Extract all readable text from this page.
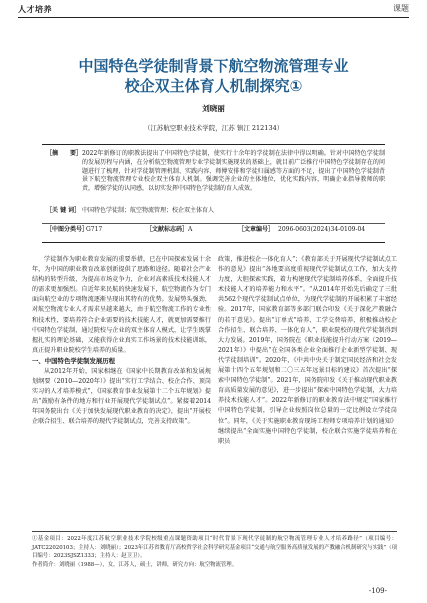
人才培养	课题
中国特色学徒制背景下航空物流管理专业
校企双主体育人机制探究①
刘晓丽
（江苏航空职业技术学院，江苏 镇江 212134）
［摘　　要］ 2022年新修订的职教法提出了中国特色学徒制，使实行十余年的学徒制在法律中得以明确。针对中国特色学徒制的发展历程与内涵，在分析航空物流管理专业学徒制实施现状的基础上，就目前广泛推行中国特色学徒制存在的问题进行了梳理，针对学徒制管理机制、实践内容、师傅安排和学徒归属感等方面的不足，提出了中国特色学徒制背景下航空物流管理专业校企双主体育人机制。强调完善企业的主体地位，优化实践内容，明确企业指导教师的职责，增强学徒的认同感，以切实发挥中国特色学徒制的育人成效。
［关 键 词］ 中国特色学徒制；航空物流管理；校企双主体育人
［中图分类号］
G717	［文献标志码］ A	［文章编号］ 2096-0603(2024)34-0109-04

学徒制作为职业教育发展的重要举措，已在中国探索发展十余年，为中国的职业教育改革创新提供了思路和途径。随着社会产业结构的转型升级，为提高市场竞争力，企业对高素质技术技能人才的需求更加强烈。自近年来民航的快速发展下，航空物流作为专门面向航空业的专项物流逐渐呈现出其特有的优势。发展势头强劲，对航空物流专业人才需求呈越来越大，由于航空物流工作的专业性和技术性，要培养符合企业需要的技术技能人才，就更加需要推行中国特色学徒制，通过院校与企业的双主体育人模式，让学生既掌握扎实的理论基础，又能获得企业真实工作场景的技术技能训练，真正提升职业院校学生培养的质量。

一、中国特色学徒制发展历程

从2012年开始，国家相继在《国家中长期教育改革和发展规划纲要（2010—2020年）》提出“实行工学结合、校企合作、顶岗实习的人才培养模式”，《国家教育事业发展第十二个五年规划》提出“鼓励有条件的地方和行业开展现代学徒制试点”。紧接着2014年国务院出台《关于加快发展现代职业教育的决定》，提出“开展校企联合招生、联合培养的现代学徒制试点，完善支持政策”。

政策，推进校企一体化育人”；《教育部关于开展现代学徒制试点工作的意见》提出“各地要高度重视现代学徒制试点工作，加大支持力度，大胆探索实践，着力构建现代学徒制培养体系，全面提升技术技能人才的培养能力和水平”。“从2014年开始先后确定了三批共562个现代学徒制试点单位，为现代学徒制的开展积累了丰富经验。2017年，国家教育部等多部门联合印发《关于深化产教融合的若干意见》。提出“订单式”培养、工学交替培养，积极推动校企合作招生、联合培养、一体化育人”，职业院校的现代学徒制得到大力发展。2019年，国务院在《职业技能提升行动方案（2019—2021年）》中提出“在全国各类企业全面推行企业新型学徒制、现代学徒制培训”。2020年，《中共中央关于制定国民经济和社会发展第十四个五年规划和二〇三五年远景目标的建议》首次提出“探索中国特色学徒制”。2021年，国务院印发《关于推动现代职业教育高质量发展的意见》，进一步提出“探索中国特色学徒制，大力培养技术技能人才”。2022年新修订的职业教育法中规定“国家推行中国特色学徒制，引导企业按照岗位总量的一定比例设立学徒岗位”。同年，《关于实施职业教育现场工程师专项培养计划的通知》继续提出“全面实施中国特色学徒制，校企联合实施学徒培养和在职员

①基金项目：2022年度江苏航空职业技术学院校级重点课题资助项目“时代背景下现代学徒制的航空物流管理专业人才培养路径”（项目编号：JATC22020103；主持人：刘晓丽）；2023年江苏省教育厅高校哲学社会科学研究基金项目“交通与航空服务高质量发展的产教融合机制研究与实践”（项目编号：2023SJSZ1333；主持人：赵卫卫）。

作者简介：刘晓丽（1988—），女，江苏人，硕士，讲师，研究方向：航空物流管理。

-109-
